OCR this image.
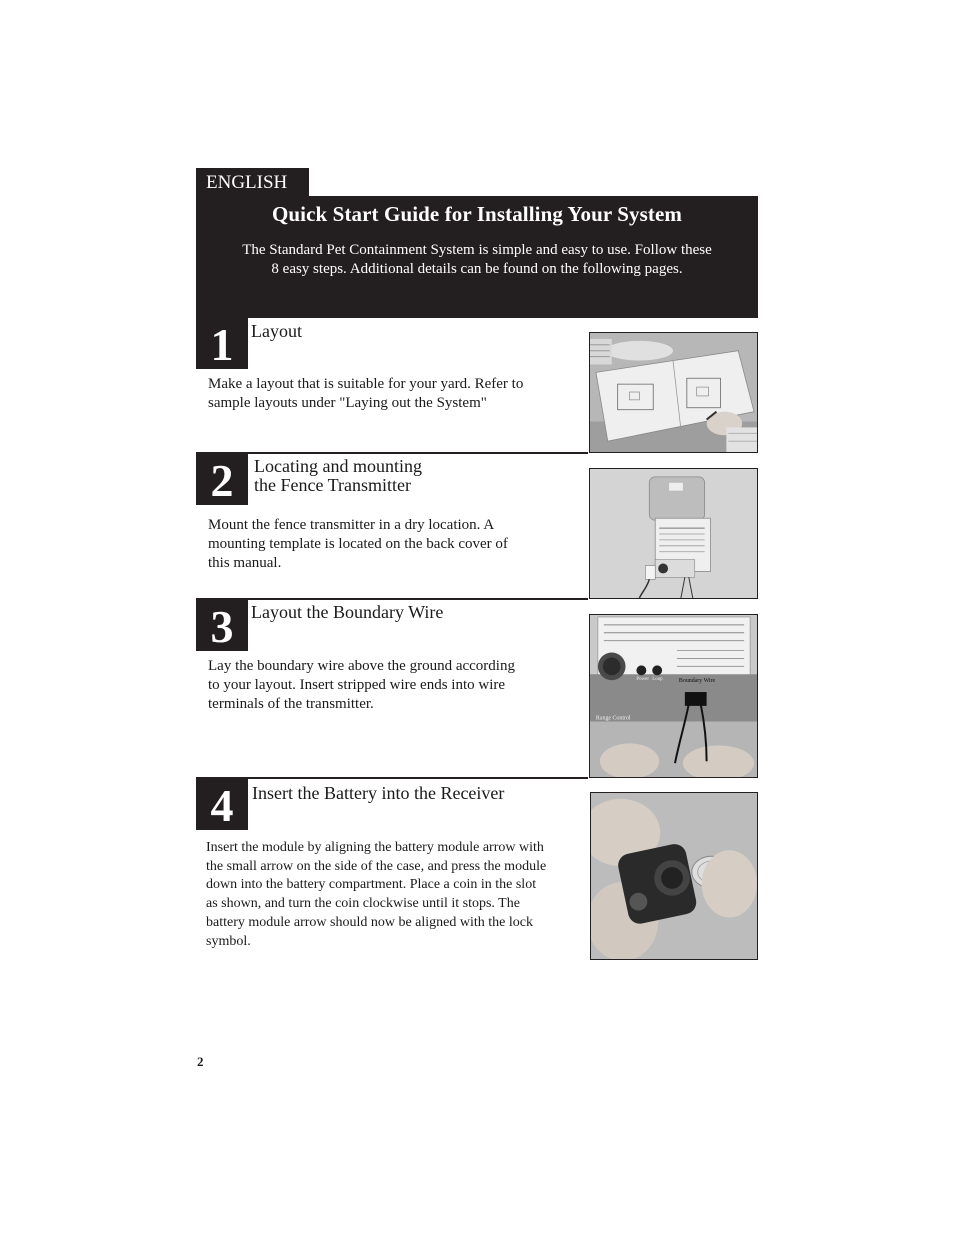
ENGLISH
Quick Start Guide for Installing Your System
The Standard Pet Containment System is simple and easy to use. Follow these
8 easy steps. Additional details can be found on the following pages.
1 Layout
Make a layout that is suitable for your yard. Refer to
sample layouts under "Laying out the System"
2	Locating and mounting
the Fence Transmitter
Mount the fence transmitter in a dry location. A
mounting template is located on the back cover of
this manual.
3 Layout the Boundary Wire
Lay the boundary wire above the ground according
to your layout. Insert stripped wire ends into wire
terminals of the transmitter.
Range Control
Power Loop	Boundary Wire
4	Insert the Battery into the Receiver
Insert the module by aligning the battery module arrow with
the small arrow on the side of the case, and press the module
down into the battery compartment. Place a coin in the slot
as shown, and turn the coin clockwise until it stops. The
battery module arrow should now be aligned with the lock
symbol.
2
